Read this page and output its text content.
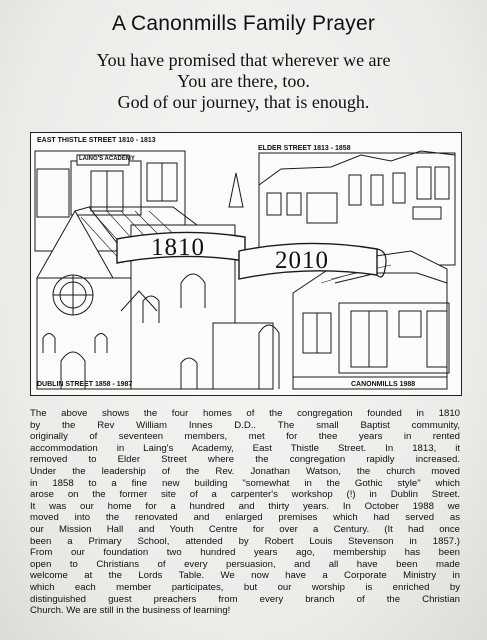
A Canonmills Family Prayer
You have promised that wherever we are
You are there, too.
God of our journey, that is enough.
EAST THISTLE STREET 1810 - 1813
ELDER STREET 1813 - 1858
LAING'S ACADEMY
DUBLIN STREET 1858 - 1987	CANONMILLS 1988
1810	2010
The above shows the four homes of the congregation founded in 1810
by the Rev William Innes D.D.. The small Baptist community,
originally of seventeen members, met for thee years in rented
accommodation in Laing's Academy, East Thistle Street. In 1813, it
removed to Elder Street where the congregation rapidly increased.
Under the leadership of the Rev. Jonathan Watson, the church moved
in 1858 to a fine new building "somewhat in the Gothic style" which
arose on the former site of a carpenter's workshop (!) in Dublin Street.
It was our home for a hundred and thirty years. In October 1988 we
moved into the renovated and enlarged premises which had served as
our Mission Hall and Youth Centre for over a Century. (It had once
been a Primary School, attended by Robert Louis Stevenson in 1857.)
From our foundation two hundred years ago, membership has been
open to Christians of every persuasion, and all have been made
welcome at the Lords Table. We now have a Corporate Ministry in
which each member participates, but our worship is enriched by
distinguished guest preachers from every branch of the Christian
Church. We are still in the business of learning!
